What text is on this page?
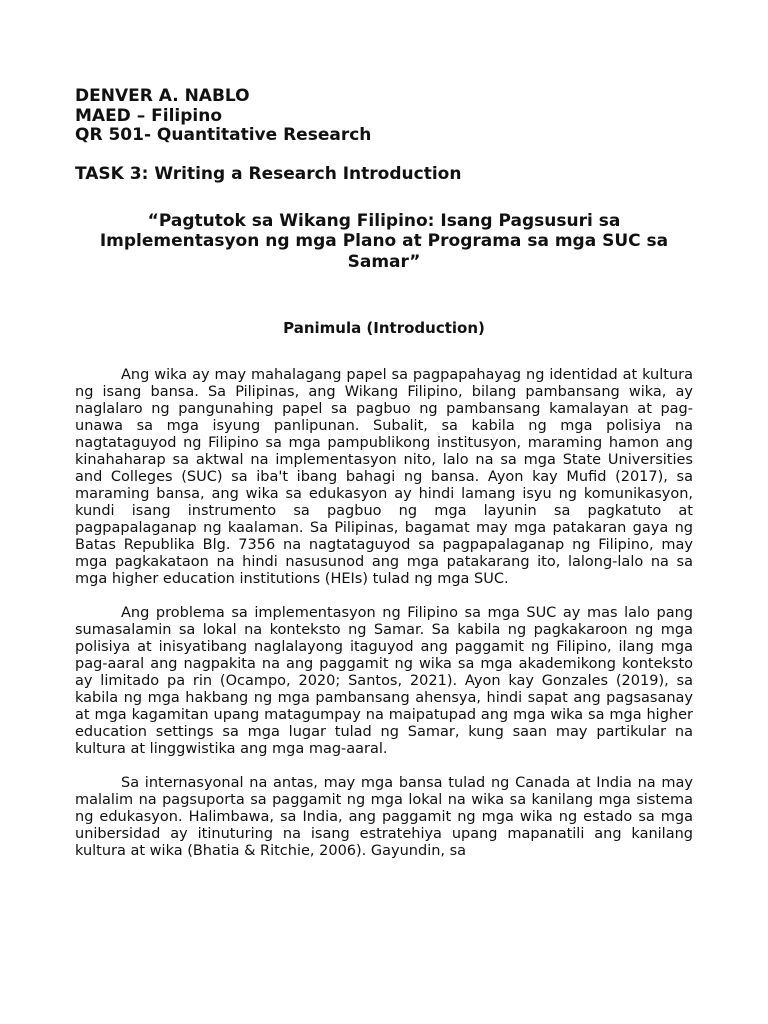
DENVER A. NABLO

MAED – Filipino

QR 501- Quantitative Research

TASK 3: Writing a Research Introduction

“Pagtutok sa Wikang Filipino: Isang Pagsusuri sa Implementasyon ng mga Plano at Programa sa mga SUC sa Samar”

Panimula (Introduction)

Ang wika ay may mahalagang papel sa pagpapahayag ng identidad at kultura ng isang bansa. Sa Pilipinas, ang Wikang Filipino, bilang pambansang wika, ay naglalaro ng pangunahing papel sa pagbuo ng pambansang kamalayan at pag-unawa sa mga isyung panlipunan. Subalit, sa kabila ng mga polisiya na nagtataguyod ng Filipino sa mga pampublikong institusyon, maraming hamon ang kinahaharap sa aktwal na implementasyon nito, lalo na sa mga State Universities and Colleges (SUC) sa iba't ibang bahagi ng bansa. Ayon kay Mufid (2017), sa maraming bansa, ang wika sa edukasyon ay hindi lamang isyu ng komunikasyon, kundi isang instrumento sa pagbuo ng mga layunin sa pagkatuto at pagpapalaganap ng kaalaman. Sa Pilipinas, bagamat may mga patakaran gaya ng Batas Republika Blg. 7356 na nagtataguyod sa pagpapalaganap ng Filipino, may mga pagkakataon na hindi nasusunod ang mga patakarang ito, lalong-lalo na sa mga higher education institutions (HEIs) tulad ng mga SUC.

Ang problema sa implementasyon ng Filipino sa mga SUC ay mas lalo pang sumasalamin sa lokal na konteksto ng Samar. Sa kabila ng pagkakaroon ng mga polisiya at inisyatibang naglalayong itaguyod ang paggamit ng Filipino, ilang mga pag-aaral ang nagpakita na ang paggamit ng wika sa mga akademikong konteksto ay limitado pa rin (Ocampo, 2020; Santos, 2021). Ayon kay Gonzales (2019), sa kabila ng mga hakbang ng mga pambansang ahensya, hindi sapat ang pagsasanay at mga kagamitan upang matagumpay na maipatupad ang mga wika sa mga higher education settings sa mga lugar tulad ng Samar, kung saan may partikular na kultura at linggwistika ang mga mag-aaral.

Sa internasyonal na antas, may mga bansa tulad ng Canada at India na may malalim na pagsuporta sa paggamit ng mga lokal na wika sa kanilang mga sistema ng edukasyon. Halimbawa, sa India, ang paggamit ng mga wika ng estado sa mga unibersidad ay itinuturing na isang estratehiya upang mapanatili ang kanilang kultura at wika (Bhatia & Ritchie, 2006). Gayundin, sa
